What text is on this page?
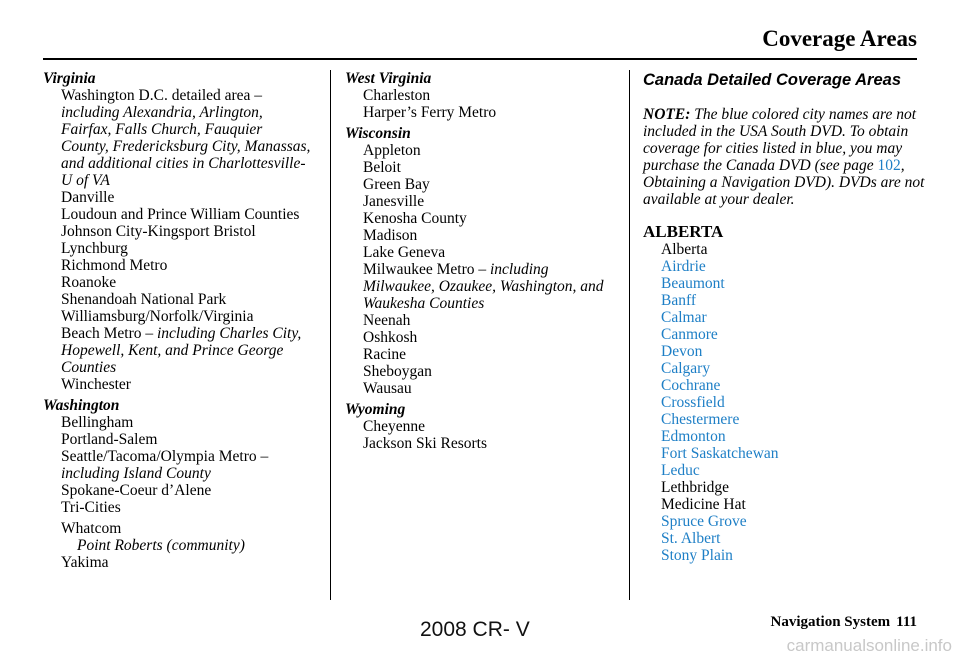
Coverage Areas
Virginia
Washington D.C. detailed area –
including Alexandria, Arlington, Fairfax, Falls Church, Fauquier County, Fredericksburg City, Manassas, and additional cities in Charlottesville-U of VA
Danville
Loudoun and Prince William Counties
Johnson City-Kingsport Bristol
Lynchburg
Richmond Metro
Roanoke
Shenandoah National Park
Williamsburg/Norfolk/Virginia
Beach Metro – including Charles City, Hopewell, Kent, and Prince George Counties
Winchester
Washington
Bellingham
Portland-Salem
Seattle/Tacoma/Olympia Metro –
including Island County
Spokane-Coeur d’Alene
Tri-Cities
Whatcom
Point Roberts (community)
Yakima
West Virginia
Charleston
Harper’s Ferry Metro
Wisconsin
Appleton
Beloit
Green Bay
Janesville
Kenosha County
Madison
Lake Geneva
Milwaukee Metro – including Milwaukee, Ozaukee, Washington, and Waukesha Counties
Neenah
Oshkosh
Racine
Sheboygan
Wausau
Wyoming
Cheyenne
Jackson Ski Resorts
Canada Detailed Coverage Areas
NOTE: The blue colored city names are not included in the USA South DVD. To obtain coverage for cities listed in blue, you may purchase the Canada DVD (see page 102, Obtaining a Navigation DVD). DVDs are not available at your dealer.
ALBERTA
Alberta
Airdrie
Beaumont
Banff
Calmar
Canmore
Devon
Calgary
Cochrane
Crossfield
Chestermere
Edmonton
Fort Saskatchewan
Leduc
Lethbridge
Medicine Hat
Spruce Grove
St. Albert
Stony Plain
Navigation System 111
2008 CR- V
carmanualsonline.info
